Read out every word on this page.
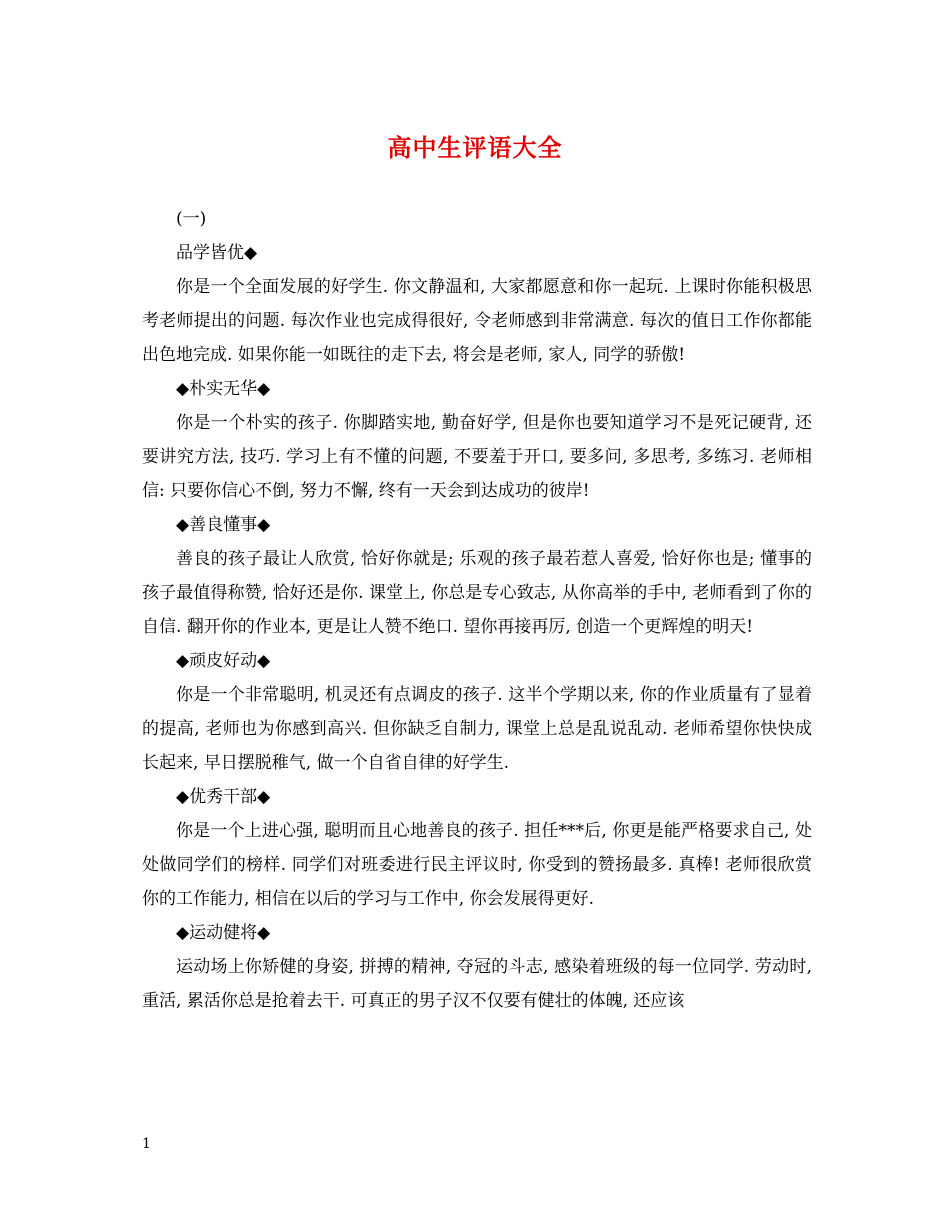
高中生评语大全

(一)

品学皆优◆

你是一个全面发展的好学生. 你文静温和, 大家都愿意和你一起玩. 上课时你能积极思考老师提出的问题. 每次作业也完成得很好, 令老师感到非常满意. 每次的值日工作你都能出色地完成. 如果你能一如既往的走下去, 将会是老师, 家人, 同学的骄傲!

◆朴实无华◆

你是一个朴实的孩子. 你脚踏实地, 勤奋好学, 但是你也要知道学习不是死记硬背, 还要讲究方法, 技巧. 学习上有不懂的问题, 不要羞于开口, 要多问, 多思考, 多练习. 老师相信: 只要你信心不倒, 努力不懈, 终有一天会到达成功的彼岸!

◆善良懂事◆

善良的孩子最让人欣赏, 恰好你就是; 乐观的孩子最若惹人喜爱, 恰好你也是; 懂事的孩子最值得称赞, 恰好还是你. 课堂上, 你总是专心致志, 从你高举的手中, 老师看到了你的自信. 翻开你的作业本, 更是让人赞不绝口. 望你再接再厉, 创造一个更辉煌的明天!

◆顽皮好动◆

你是一个非常聪明, 机灵还有点调皮的孩子. 这半个学期以来, 你的作业质量有了显着的提高, 老师也为你感到高兴. 但你缺乏自制力, 课堂上总是乱说乱动. 老师希望你快快成长起来, 早日摆脱稚气, 做一个自省自律的好学生.

◆优秀干部◆

你是一个上进心强, 聪明而且心地善良的孩子. 担任***后, 你更是能严格要求自己, 处处做同学们的榜样. 同学们对班委进行民主评议时, 你受到的赞扬最多. 真棒! 老师很欣赏你的工作能力, 相信在以后的学习与工作中, 你会发展得更好.

◆运动健将◆

运动场上你矫健的身姿, 拼搏的精神, 夺冠的斗志, 感染着班级的每一位同学. 劳动时, 重活, 累活你总是抢着去干. 可真正的男子汉不仅要有健壮的体魄, 还应该

1
